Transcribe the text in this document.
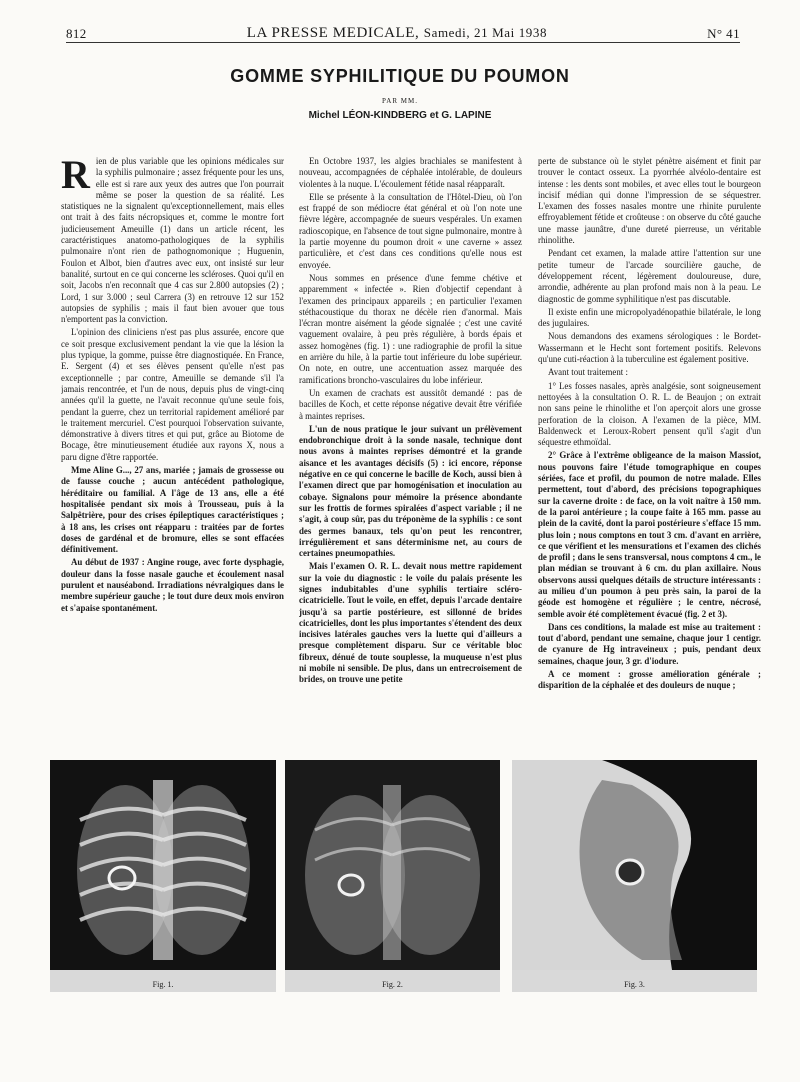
812	LA PRESSE MEDICALE, Samedi, 21 Mai 1938	N° 41
GOMME SYPHILITIQUE DU POUMON
PAR MM.
Michel LÉON-KINDBERG et G. LAPINE

Rien de plus variable que les opinions médicales sur la syphilis pulmonaire ; assez fréquente pour les uns, elle est si rare aux yeux des autres que l'on pourrait même se poser la question de sa réalité. Les statistiques ne la signalent qu'exceptionnellement, mais elles ont trait à des faits nécropsiques et, comme le montre fort judicieusement Ameuille (1) dans un article récent, les caractéristiques anatomo-pathologiques de la syphilis pulmonaire n'ont rien de pathognomonique ; Huguenin, Foulon et Albot, bien d'autres avec eux, ont insisté sur leur banalité, surtout en ce qui concerne les scléroses. Quoi qu'il en soit, Jacobs n'en reconnaît que 4 cas sur 2.800 autopsies (2) ; Lord, 1 sur 3.000 ; seul Carrera (3) en retrouve 12 sur 152 autopsies de syphilis ; mais il faut bien avouer que tous n'emportent pas la conviction.

L'opinion des cliniciens n'est pas plus assurée, encore que ce soit presque exclusivement pendant la vie que la lésion la plus typique, la gomme, puisse être diagnostiquée. En France, E. Sergent (4) et ses élèves pensent qu'elle n'est pas exceptionnelle ; par contre, Ameuille se demande s'il l'a jamais rencontrée, et l'un de nous, depuis plus de vingt-cinq années qu'il la guette, ne l'avait reconnue qu'une seule fois, pendant la guerre, chez un territorial rapidement amélioré par le traitement mercuriel. C'est pourquoi l'observation suivante, démonstrative à divers titres et qui put, grâce au Biotome de Bocage, être minutieusement étudiée aux rayons X, nous a paru digne d'être rapportée.

Mme Aline G..., 27 ans, mariée ; jamais de grossesse ou de fausse couche ; aucun antécédent pathologique, héréditaire ou familial. A l'âge de 13 ans, elle a été hospitalisée pendant six mois à Trousseau, puis à la Salpêtrière, pour des crises épileptiques caractéristiques ; à 18 ans, les crises ont réapparu : traitées par de fortes doses de gardénal et de bromure, elles se sont effacées définitivement.

Au début de 1937 : Angine rouge, avec forte dysphagie, douleur dans la fosse nasale gauche et écoulement nasal purulent et nauséabond. Irradiations névralgiques dans le membre supérieur gauche ; le tout dure deux mois environ et s'apaise spontanément.

En Octobre 1937, les algies brachiales se manifestent à nouveau, accompagnées de céphalée intolérable, de douleurs violentes à la nuque. L'écoulement fétide nasal réapparaît.

Elle se présente à la consultation de l'Hôtel-Dieu, où l'on est frappé de son médiocre état général et où l'on note une fièvre légère, accompagnée de sueurs vespérales. Un examen radioscopique, en l'absence de tout signe pulmonaire, montre à la partie moyenne du poumon droit « une caverne » assez particulière, et c'est dans ces conditions qu'elle nous est envoyée.

Nous sommes en présence d'une femme chétive et apparemment « infectée ». Rien d'objectif cependant à l'examen des principaux appareils ; en particulier l'examen stéthacoustique du thorax ne décèle rien d'anormal. Mais l'écran montre aisément la géode signalée ; c'est une cavité vaguement ovalaire, à peu près régulière, à bords épais et assez homogènes (fig. 1) : une radiographie de profil la situe en arrière du hile, à la partie tout inférieure du lobe supérieur. On note, en outre, une accentuation assez marquée des ramifications broncho-vasculaires du lobe inférieur.

Un examen de crachats est aussitôt demandé : pas de bacilles de Koch, et cette réponse négative devait être vérifiée à maintes reprises.

L'un de nous pratique le jour suivant un prélèvement endobronchique droit à la sonde nasale, technique dont nous avons à maintes reprises démontré et la grande aisance et les avantages décisifs (5) : ici encore, réponse négative en ce qui concerne le bacille de Koch, aussi bien à l'examen direct que par homogénisation et inoculation au cobaye. Signalons pour mémoire la présence abondante sur les frottis de formes spiralées d'aspect variable ; il ne s'agit, à coup sûr, pas du tréponème de la syphilis : ce sont des germes banaux, tels qu'on peut les rencontrer, irrégulièrement et sans déterminisme net, au cours de certaines pneumopathies.

Mais l'examen O. R. L. devait nous mettre rapidement sur la voie du diagnostic : le voile du palais présente les signes indubitables d'une syphilis tertiaire scléro-cicatricielle. Tout le voile, en effet, depuis l'arcade dentaire jusqu'à sa partie postérieure, est sillonné de brides cicatricielles, dont les plus importantes s'étendent des deux incisives latérales gauches vers la luette qui d'ailleurs a presque complètement disparu. Sur ce véritable bloc fibreux, dénué de toute souplesse, la muqueuse n'est plus ni mobile ni sensible. De plus, dans un entrecroisement de brides, on trouve une petite

perte de substance où le stylet pénètre aisément et finit par trouver le contact osseux. La pyorrhée alvéolo-dentaire est intense : les dents sont mobiles, et avec elles tout le bourgeon incisif médian qui donne l'impression de se séquestrer. L'examen des fosses nasales montre une rhinite purulente effroyablement fétide et croûteuse : on observe du côté gauche une masse jaunâtre, d'une dureté pierreuse, un véritable rhinolithe.

Pendant cet examen, la malade attire l'attention sur une petite tumeur de l'arcade sourcilière gauche, de développement récent, légèrement douloureuse, dure, arrondie, adhérente au plan profond mais non à la peau. Le diagnostic de gomme syphilitique n'est pas discutable.

Il existe enfin une micropolyadénopathie bilatérale, le long des jugulaires.

Nous demandons des examens sérologiques : le Bordet-Wassermann et le Hecht sont fortement positifs. Relevons qu'une cuti-réaction à la tuberculine est également positive.

Avant tout traitement :

1° Les fosses nasales, après analgésie, sont soigneusement nettoyées à la consultation O. R. L. de Beaujon ; on extrait non sans peine le rhinolithe et l'on aperçoit alors une grosse perforation de la cloison. A l'examen de la pièce, MM. Baldenweck et Leroux-Robert pensent qu'il s'agit d'un séquestre ethmoïdal.

2° Grâce à l'extrême obligeance de la maison Massiot, nous pouvons faire l'étude tomographique en coupes sériées, face et profil, du poumon de notre malade. Elles permettent, tout d'abord, des précisions topographiques sur la caverne droite : de face, on la voit naître à 150 mm. de la paroi antérieure ; la coupe faite à 165 mm. passe au plein de la cavité, dont la paroi postérieure s'efface 15 mm. plus loin ; nous comptons en tout 3 cm. d'avant en arrière, ce que vérifient et les mensurations et l'examen des clichés de profil ; dans le sens transversal, nous comptons 4 cm., le plan médian se trouvant à 6 cm. du plan axillaire. Nous observons aussi quelques détails de structure intéressants : au milieu d'un poumon à peu près sain, la paroi de la géode est homogène et régulière ; le centre, nécrosé, semble avoir été complètement évacué (fig. 2 et 3).

Dans ces conditions, la malade est mise au traitement : tout d'abord, pendant une semaine, chaque jour 1 centigr. de cyanure de Hg intraveineux ; puis, pendant deux semaines, chaque jour, 3 gr. d'iodure.

A ce moment : grosse amélioration générale ; disparition de la céphalée et des douleurs de nuque ;

Fig. 1.	Fig. 2.	Fig. 3.
